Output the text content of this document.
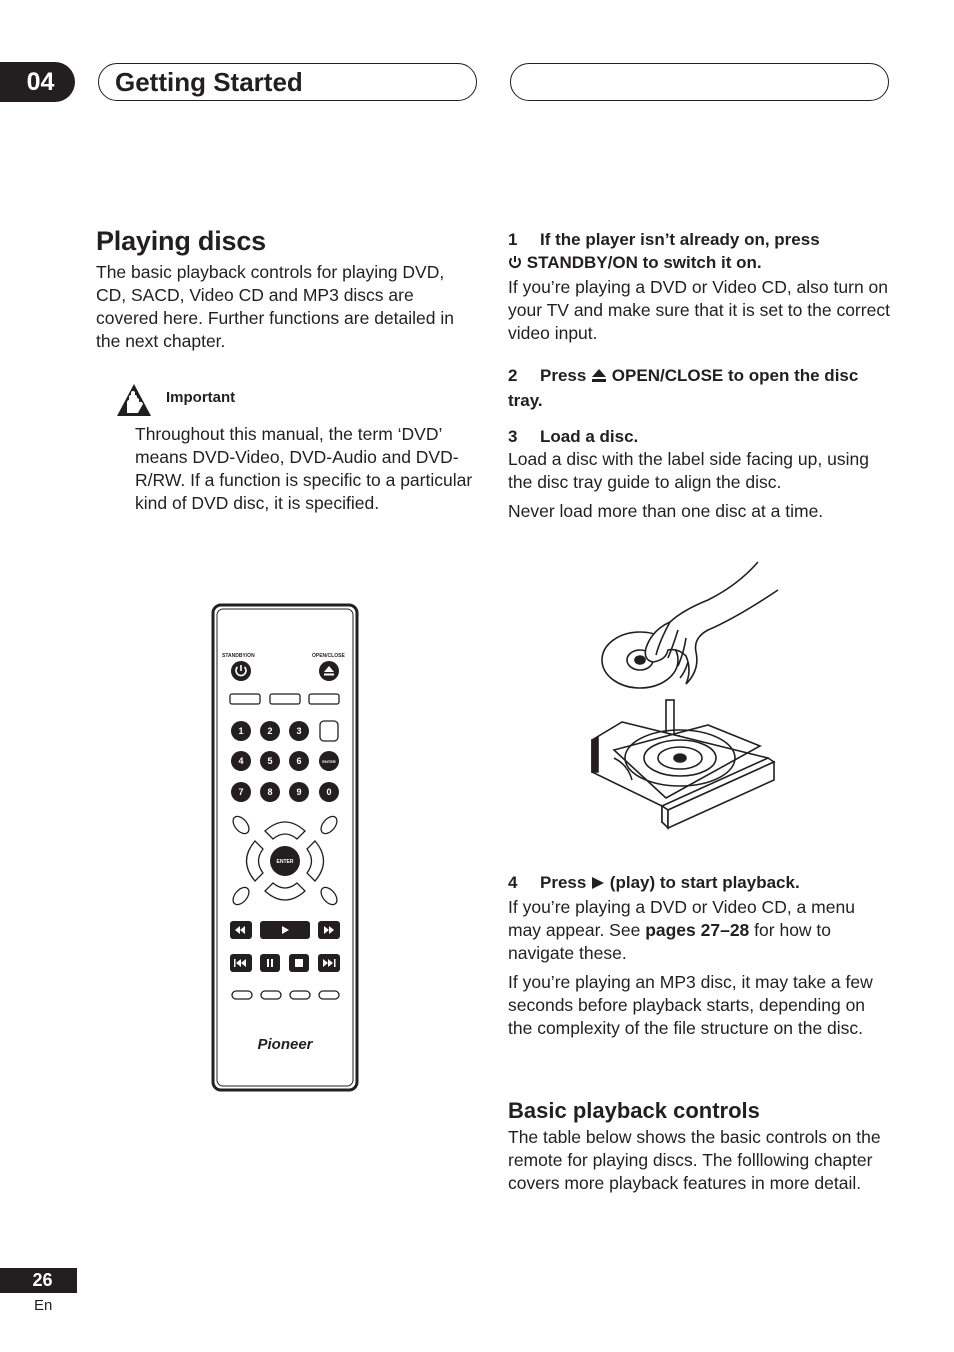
04	Getting Started
Playing discs

The basic playback controls for playing DVD, CD, SACD, Video CD and MP3 discs are covered here. Further functions are detailed in the next chapter.

Important

Throughout this manual, the term ‘DVD’ means DVD-Video, DVD-Audio and DVD-R/RW. If a function is specific to a particular kind of DVD disc, it is specified.

STANDBY/ON	OPEN/CLOSE
1	2	3
4	5	6	ENTER
7	8	9	0
ENTER
Pioneer

1 If the player isn’t already on, press
STANDBY/ON to switch it on.

If you’re playing a DVD or Video CD, also turn on your TV and make sure that it is set to the correct video input.

2 Press OPEN/CLOSE to open the disc tray.

3 Load a disc.

Load a disc with the label side facing up, using the disc tray guide to align the disc.

Never load more than one disc at a time.

4 Press (play) to start playback.

If you’re playing a DVD or Video CD, a menu may appear. See pages 27–28 for how to navigate these.

If you’re playing an MP3 disc, it may take a few seconds before playback starts, depending on the complexity of the file structure on the disc.

Basic playback controls

The table below shows the basic controls on the remote for playing discs. The folllowing chapter covers more playback features in more detail.

26
En
